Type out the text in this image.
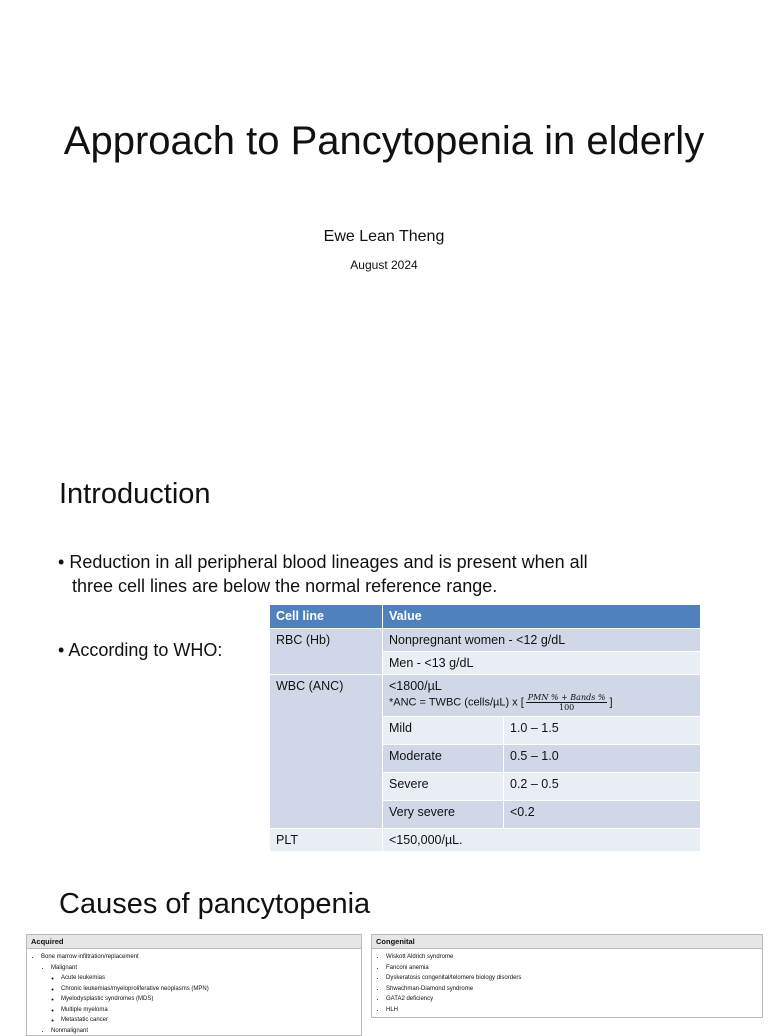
Approach to Pancytopenia in elderly
Ewe Lean Theng
August 2024
Introduction
• Reduction in all peripheral blood lineages and is present when all
three cell lines are below the normal reference range.
• According to WHO:
Cell line	Value	
RBC (Hb)	Nonpregnant women - <12 g/dL	
	Men - <13 g/dL	
WBC (ANC)	<1800/µL
*ANC = TWBC (cells/µL) x [ $\frac{\text{PMN \% + Bands \%}}{100}$ ]	

	Mild	1.0 – 1.5
	Moderate	0.5 – 1.0
	Severe	0.2 – 0.5
	Very severe	<0.2
PLT	<150,000/µL.	
Causes of pancytopenia
Acquired
• Bone marrow infiltration/replacement
• Malignant
◦ Acute leukemias
◦ Chronic leukemias/myeloproliferative neoplasms (MPN)
◦ Myelodysplastic syndromes (MDS)
◦ Multiple myeloma
◦ Metastatic cancer
• Nonmalignant
Congenital
• Wiskott Aldrich syndrome
• Fanconi anemia
• Dyskeratosis congenital/telomere biology disorders
• Shwachman-Diamond syndrome
• GATA2 deficiency
• HLH
